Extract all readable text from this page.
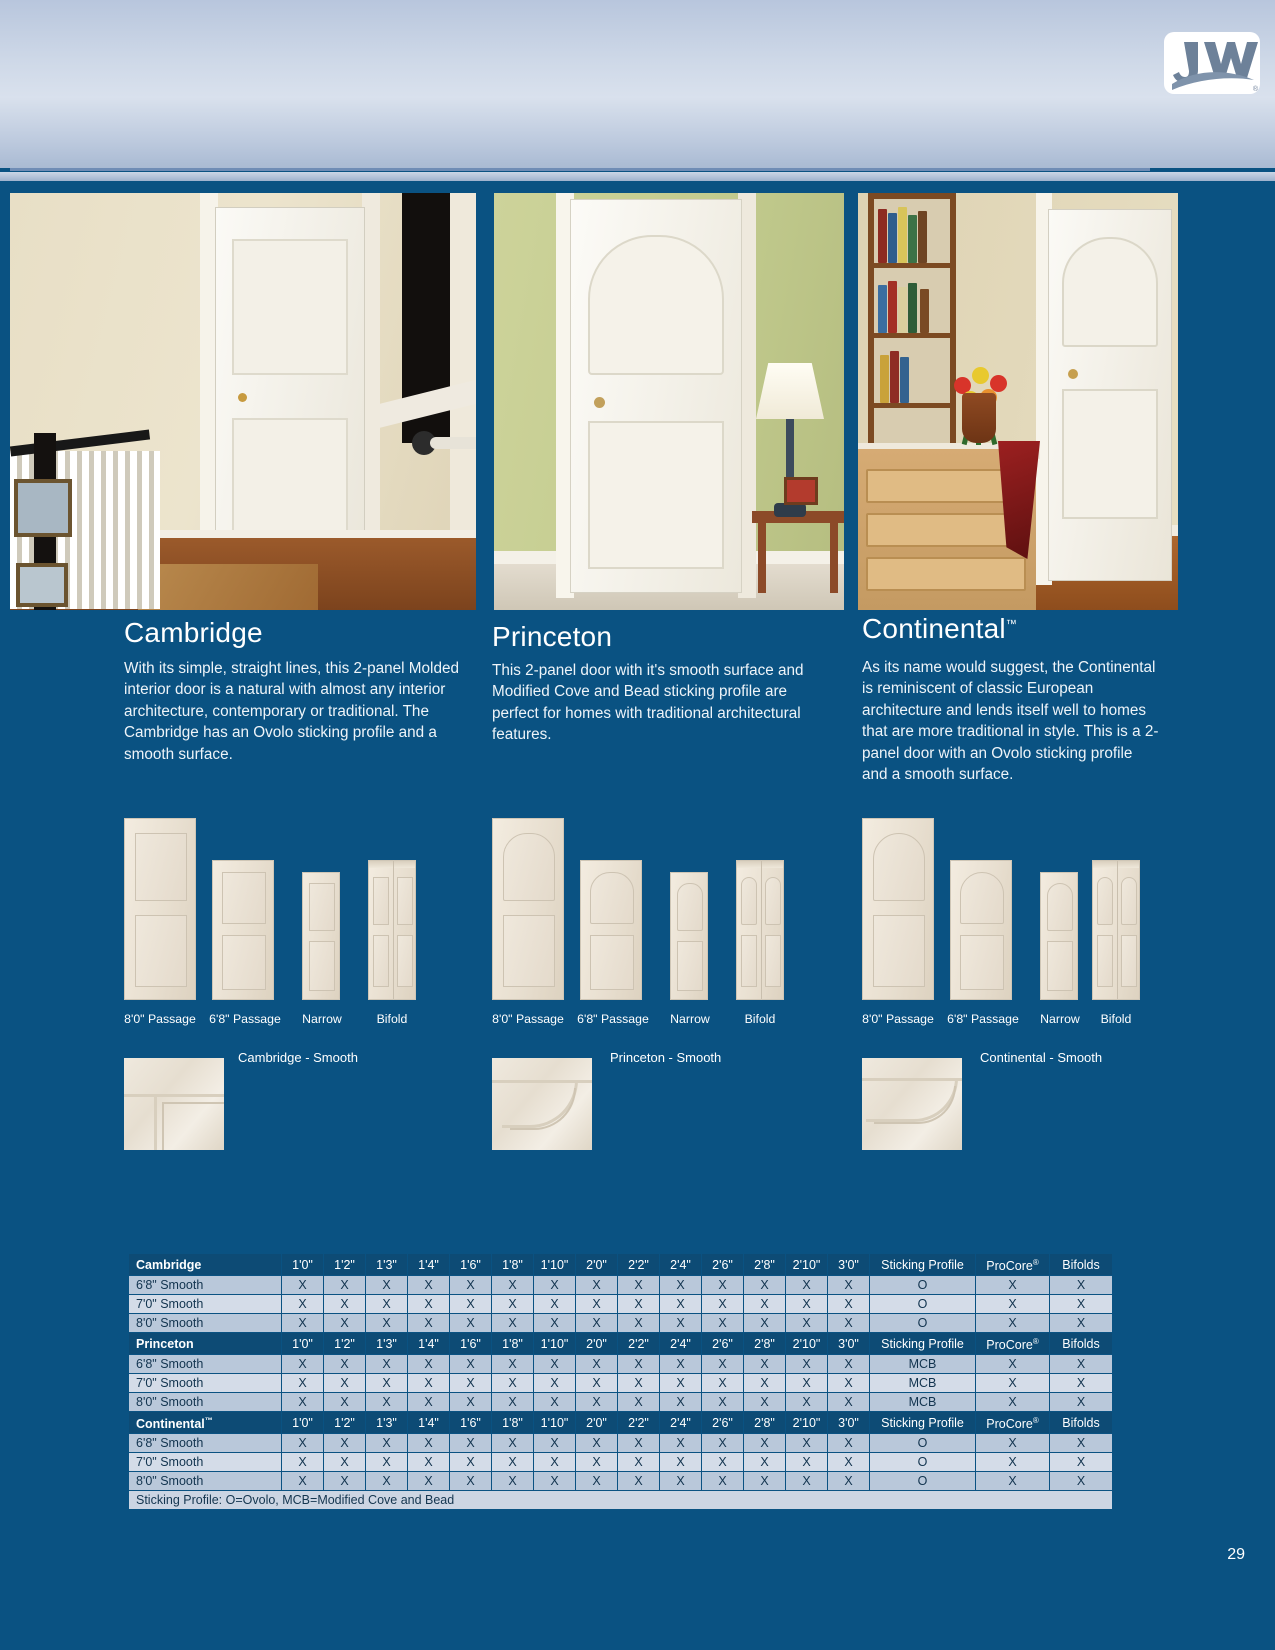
®
Cambridge
With its simple, straight lines, this 2-panel Molded interior door is a natural with almost any interior architecture, contemporary or traditional. The Cambridge has an Ovolo sticking profile and a smooth surface.
Princeton
This 2-panel door with it's smooth surface and Modified Cove and Bead sticking profile are perfect for homes with traditional architectural features.
Continental™
As its name would suggest, the Continental is reminiscent of classic European architecture and lends itself well to homes that are more traditional in style. This is a 2-panel door with an Ovolo sticking profile and a smooth surface.
8'0" Passage	6'8" Passage	Narrow	Bifold	8'0" Passage	6'8" Passage	Narrow	Bifold	8'0" Passage	6'8" Passage	Narrow	Bifold
Cambridge - Smooth	Princeton - Smooth	Continental - Smooth
Cambridge	1'0"	1'2"	1'3"	1'4"	1'6"	1'8"	1'10"	2'0"	2'2"	2'4"	2'6"	2'8"	2'10"	3'0"	Sticking Profile	ProCore®	Bifolds
6'8" Smooth	X	X	X	X	X	X	X	X	X	X	X	X	X	X	O	X	X
7'0" Smooth	X	X	X	X	X	X	X	X	X	X	X	X	X	X	O	X	X
8'0" Smooth	X	X	X	X	X	X	X	X	X	X	X	X	X	X	O	X	X
Princeton	1'0"	1'2"	1'3"	1'4"	1'6"	1'8"	1'10"	2'0"	2'2"	2'4"	2'6"	2'8"	2'10"	3'0"	Sticking Profile	ProCore®	Bifolds
6'8" Smooth	X	X	X	X	X	X	X	X	X	X	X	X	X	X	MCB	X	X
7'0" Smooth	X	X	X	X	X	X	X	X	X	X	X	X	X	X	MCB	X	X
8'0" Smooth	X	X	X	X	X	X	X	X	X	X	X	X	X	X	MCB	X	X
Continental™	1'0"	1'2"	1'3"	1'4"	1'6"	1'8"	1'10"	2'0"	2'2"	2'4"	2'6"	2'8"	2'10"	3'0"	Sticking Profile	ProCore®	Bifolds
6'8" Smooth	X	X	X	X	X	X	X	X	X	X	X	X	X	X	O	X	X
7'0" Smooth	X	X	X	X	X	X	X	X	X	X	X	X	X	X	O	X	X
8'0" Smooth	X	X	X	X	X	X	X	X	X	X	X	X	X	X	O	X	X
Sticking Profile: O=Ovolo, MCB=Modified Cove and Bead																	
29
